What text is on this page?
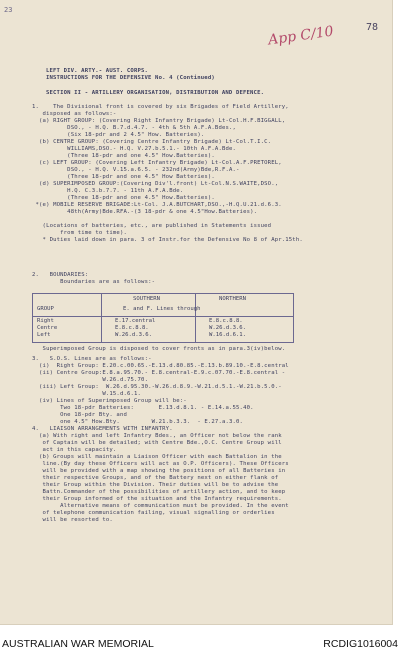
23
App C/10	78

LEFT DIV. ARTY.- AUST. CORPS.

INSTRUCTIONS FOR THE DEFENSIVE No. 4 (Continued)

SECTION II - ARTILLERY ORGANISATION, DISTRIBUTION AND DEFENCE.

1.    The Divisional front is covered by six Brigades of Field Artillery,

disposed as follows:-

(a) RIGHT GROUP: (Covering Right Infantry Brigade) Lt-Col.H.F.BIGGALL,

DSO., - H.Q. B.7.d.4.7. - 4th & 5th A.F.A.Bdes.,

(Six 18-pdr and 2 4.5" How. Batteries).

(b) CENTRE GROUP: (Covering Centre Infantry Brigade) Lt-Col.T.I.C.

WILLIAMS,DSO.- H.Q. V.27.b.5.1.- 10th A.F.A.Bde.

(Three 18-pdr and one 4.5" How.Batteries).

(c) LEFT GROUP: (Covering Left Infantry Brigade) Lt-Col.A.F.PRETOREL,

DSO., - H.Q. V.15.a.6.5. - 232nd(Army)Bde,R.F.A.-

(Three 18-pdr and one 4.5" How Batteries).

(d) SUPERIMPOSED GROUP:(Covering Div'l.front) Lt-Col.N.S.WAITE,DSO.,

H.Q. C.3.b.7.7. - 11th A.F.A.Bde.

(Three 18-pdr and one 4.5" How.Batteries).

*(e) MOBILE RESERVE BRIGADE:Lt-Col. J.A.BUTCHART,DSO.,-H.Q.U.21.d.6.3.

48th(Army)Bde.RFA.-(3 18-pdr & one 4.5"How.Batteries).

(Locations of batteries, etc., are published in Statements issued

from time to time).

* Duties laid down in para. 3 of Instr.for the Defensive No 8 of Apr.15th.

2.   BOUNDARIES:

Boundaries are as follows:-

SOUTHERN	NORTHERN

GROUP	E. and F. Lines through

Right	E.17.central	E.8.c.8.8.

Centre	E.8.c.8.8.	W.26.d.3.6.

Left	W.26.d.3.6.	W.16.d.6.1.

Superimposed Group is disposed to cover fronts as in para.3(iv)below.

3.   S.O.S. Lines are as follows:-

(i)  Right Group: E.20.c.00.65.-E.13.d.80.85.-E.13.b.89.10.-E.8.central

(ii) Centre Group:E.8.a.95.70.- E.8.central-E.9.c.07.70.-E.8.central -

W.26.d.75.70.

(iii) Left Group:  W.26.d.95.30.-W.26.d.8.9.-W.21.d.5.1.-W.21.b.5.0.-

W.15.d.6.1.

(iv) Lines of Superimposed Group will be:-

Two 18-pdr Batteries:       E.13.d.8.1. - E.14.a.55.40.

One 18-pdr Bty. and

one 4.5" How.Bty.         W.21.b.3.3.  - E.27.a.3.0.

4.   LIAISON ARRANGEMENTS WITH INFANTRY.

(a) With right and left Infantry Bdes., an Officer not below the rank

of Captain will be detailed; with Centre Bde.,O.C. Centre Group will

act in this capacity.

(b) Groups will maintain a Liaison Officer with each Battalion in the

line.(By day these Officers will act as O.P. Officers). These Officers

will be provided with a map showing the positions of all Batteries in

their respective Groups, and of the Battery next on either flank of

their Group within the Division. Their duties will be to advise the

Battn.Commander of the possibilities of artillery action, and to keep

their Group informed of the situation and the Infantry requirements.

Alternative means of communication must be provided. In the event

of telephone communication failing, visual signalling or orderlies

will be resorted to.

AUSTRALIAN WAR MEMORIAL	RCDIG1016004
